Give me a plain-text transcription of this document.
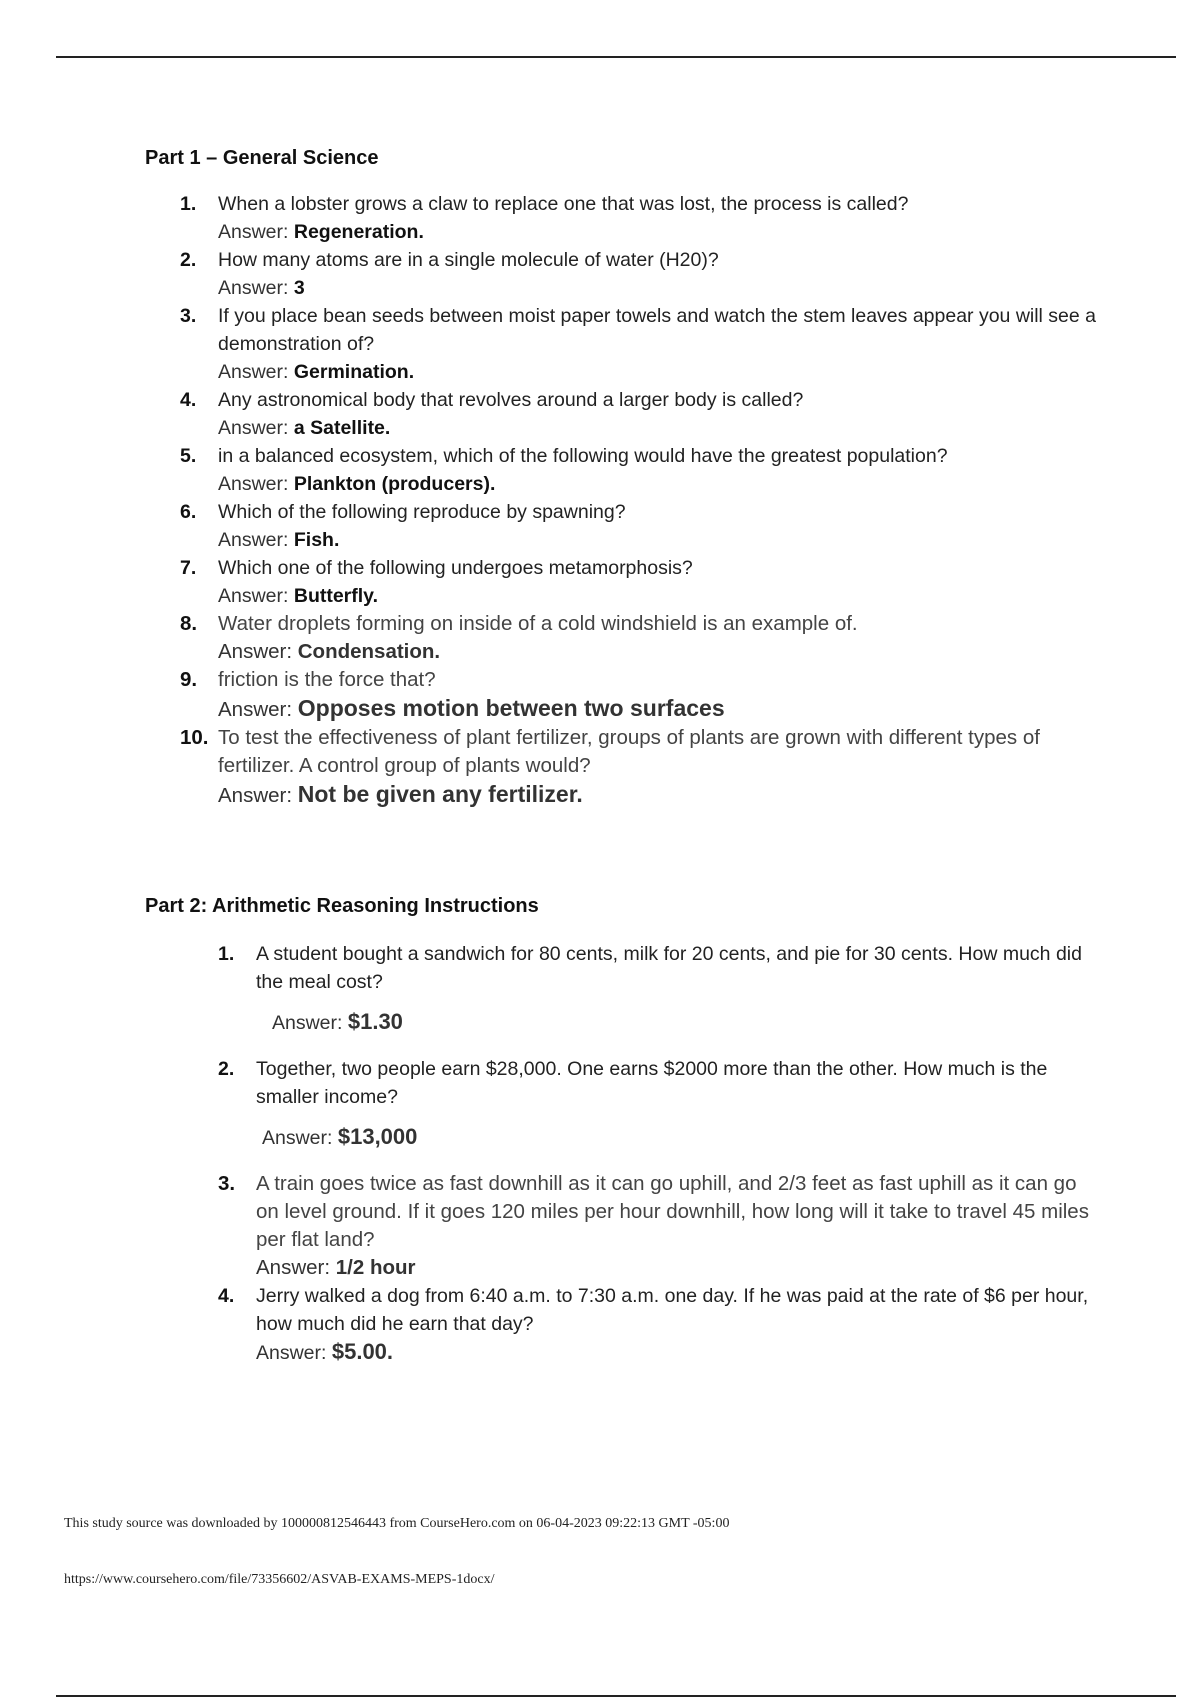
Part 1 – General Science
1. When a lobster grows a claw to replace one that was lost, the process is called?
Answer: Regeneration.
2. How many atoms are in a single molecule of water (H20)?
Answer: 3
3. If you place bean seeds between moist paper towels and watch the stem leaves appear you will see a demonstration of?
Answer: Germination.
4. Any astronomical body that revolves around a larger body is called?
Answer: a Satellite.
5. in a balanced ecosystem, which of the following would have the greatest population?
Answer: Plankton (producers).
6. Which of the following reproduce by spawning?
Answer: Fish.
7. Which one of the following undergoes metamorphosis?
Answer: Butterfly.
8. Water droplets forming on inside of a cold windshield is an example of.
Answer: Condensation.
9. friction is the force that?
Answer: Opposes motion between two surfaces
10. To test the effectiveness of plant fertilizer, groups of plants are grown with different types of fertilizer. A control group of plants would?
Answer: Not be given any fertilizer.
Part 2: Arithmetic Reasoning Instructions
1. A student bought a sandwich for 80 cents, milk for 20 cents, and pie for 30 cents. How much did the meal cost?
Answer: $1.30
2. Together, two people earn $28,000. One earns $2000 more than the other. How much is the smaller income?
Answer: $13,000
3. A train goes twice as fast downhill as it can go uphill, and 2/3 feet as fast uphill as it can go on level ground. If it goes 120 miles per hour downhill, how long will it take to travel 45 miles per flat land?
Answer: 1/2 hour
4. Jerry walked a dog from 6:40 a.m. to 7:30 a.m. one day. If he was paid at the rate of $6 per hour, how much did he earn that day?
Answer: $5.00.
This study source was downloaded by 100000812546443 from CourseHero.com on 06-04-2023 09:22:13 GMT -05:00
https://www.coursehero.com/file/73356602/ASVAB-EXAMS-MEPS-1docx/
